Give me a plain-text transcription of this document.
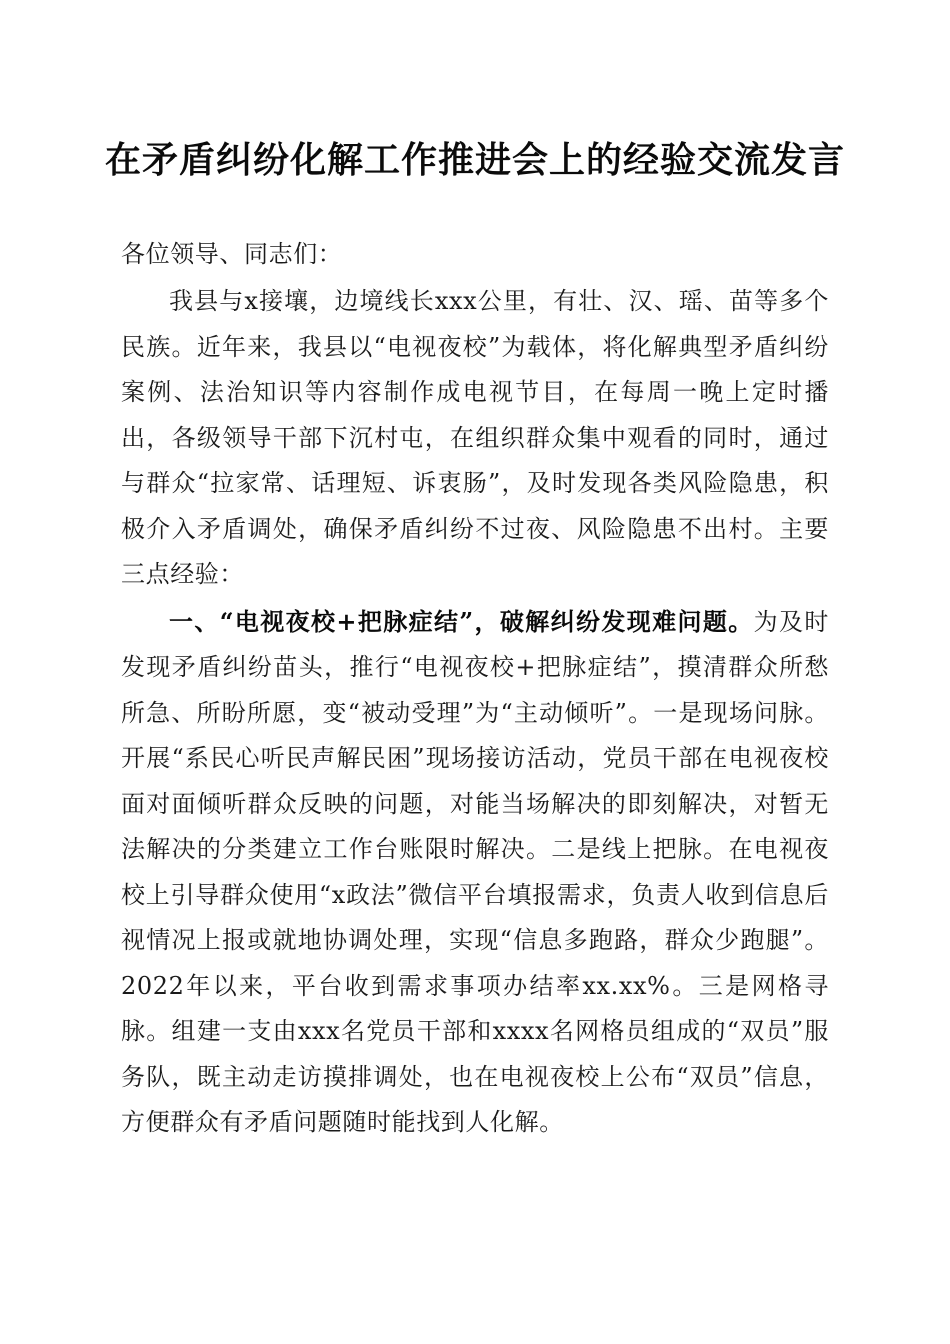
在矛盾纠纷化解工作推进会上的经验交流发言

各位领导、同志们：

我县与x接壤，边境线长xxx公里，有壮、汉、瑶、苗等多个民族。近年来，我县以“电视夜校”为载体，将化解典型矛盾纠纷案例、法治知识等内容制作成电视节目，在每周一晚上定时播出，各级领导干部下沉村屯，在组织群众集中观看的同时，通过与群众“拉家常、话理短、诉衷肠”，及时发现各类风险隐患，积极介入矛盾调处，确保矛盾纠纷不过夜、风险隐患不出村。主要三点经验：

一、“电视夜校+把脉症结”，破解纠纷发现难问题。为及时发现矛盾纠纷苗头，推行“电视夜校+把脉症结”，摸清群众所愁所急、所盼所愿，变“被动受理”为“主动倾听”。一是现场问脉。开展“系民心听民声解民困”现场接访活动，党员干部在电视夜校面对面倾听群众反映的问题，对能当场解决的即刻解决，对暂无法解决的分类建立工作台账限时解决。二是线上把脉。在电视夜校上引导群众使用“x政法”微信平台填报需求，负责人收到信息后视情况上报或就地协调处理，实现“信息多跑路，群众少跑腿”。2022年以来，平台收到需求事项办结率xx.xx%。三是网格寻脉。组建一支由xxx名党员干部和xxxx名网格员组成的“双员”服务队，既主动走访摸排调处，也在电视夜校上公布“双员”信息，方便群众有矛盾问题随时能找到人化解。
